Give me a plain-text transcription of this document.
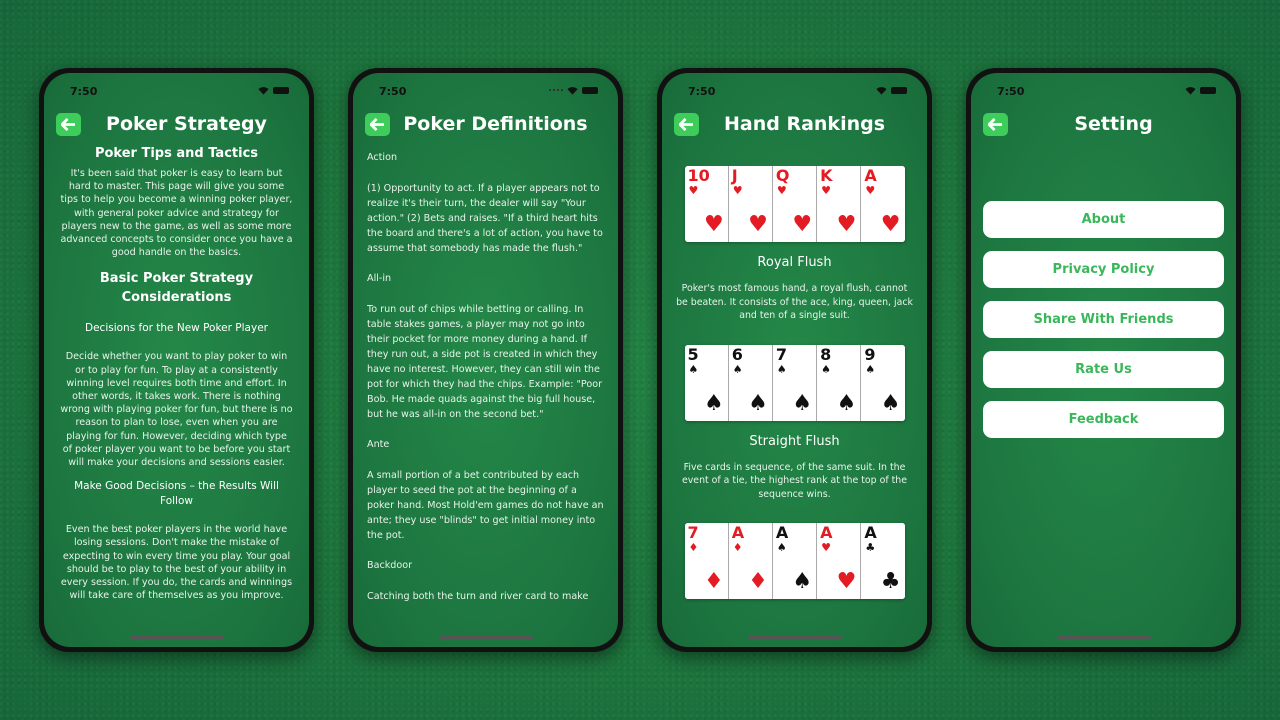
7:50
Poker Strategy
Poker Tips and Tactics

It's been said that poker is easy to learn but hard to master. This page will give you some tips to help you become a winning poker player, with general poker advice and strategy for players new to the game, as well as some more advanced concepts to consider once you have a good handle on the basics.

Basic Poker Strategy Considerations
Decisions for the New Poker Player

Decide whether you want to play poker to win or to play for fun. To play at a consistently winning level requires both time and effort. In other words, it takes work. There is nothing wrong with playing poker for fun, but there is no reason to plan to lose, even when you are playing for fun. However, deciding which type of poker player you want to be before you start will make your decisions and sessions easier.

Make Good Decisions – the Results Will Follow

Even the best poker players in the world have losing sessions. Don't make the mistake of expecting to win every time you play. Your goal should be to play to the best of your ability in every session. If you do, the cards and winnings will take care of themselves as you improve.

7:50
Poker Definitions
Action
(1) Opportunity to act. If a player appears not to realize it's their turn, the dealer will say "Your action." (2) Bets and raises. "If a third heart hits the board and there's a lot of action, you have to assume that somebody has made the flush."
All-in
To run out of chips while betting or calling. In table stakes games, a player may not go into their pocket for more money during a hand. If they run out, a side pot is created in which they have no interest. However, they can still win the pot for which they had the chips. Example: "Poor Bob. He made quads against the big full house, but he was all-in on the second bet."
Ante
A small portion of a bet contributed by each player to seed the pot at the beginning of a poker hand. Most Hold'em games do not have an ante; they use "blinds" to get initial money into the pot.
Backdoor
Catching both the turn and river card to make
7:50
Hand Rankings
10
♥
♥
J
♥
♥
Q
♥
♥
K
♥
♥
A
♥
♥
Royal Flush
Poker's most famous hand, a royal flush, cannot be beaten. It consists of the ace, king, queen, jack and ten of a single suit.
5
♠
♠
6
♠
♠
7
♠
♠
8
♠
♠
9
♠
♠
Straight Flush
Five cards in sequence, of the same suit. In the event of a tie, the highest rank at the top of the sequence wins.
7
♦
♦
A
♦
♦
A
♠
♠
A
♥
♥
A
♣
♣
7:50
Setting
About
Privacy Policy
Share With Friends
Rate Us
Feedback
